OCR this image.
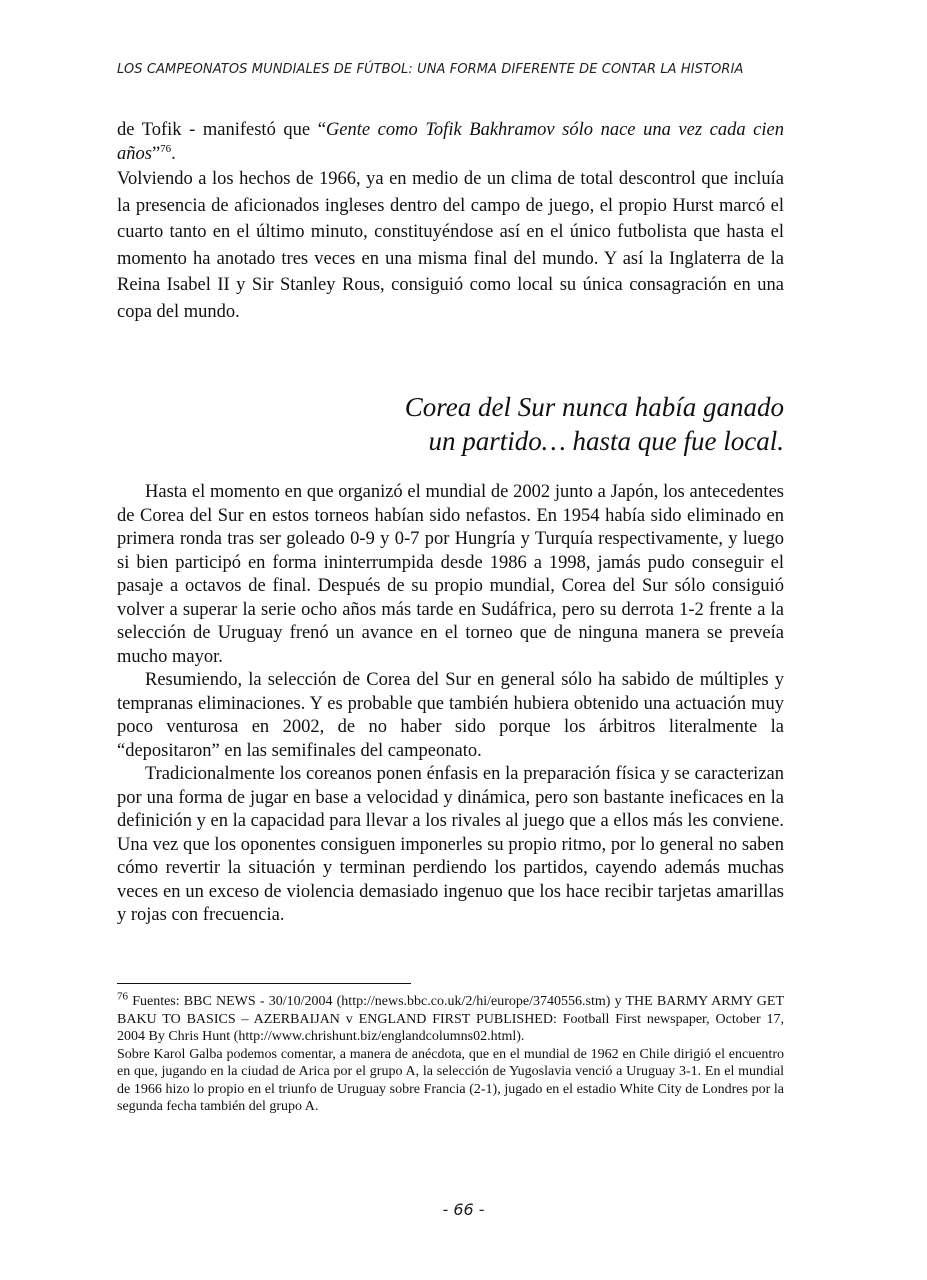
LOS CAMPEONATOS MUNDIALES DE FÚTBOL: UNA FORMA DIFERENTE DE CONTAR LA HISTORIA

de Tofik - manifestó que “Gente como Tofik Bakhramov sólo nace una vez cada cien años”$^{76}$.

Volviendo a los hechos de 1966, ya en medio de un clima de total descontrol que incluía la presencia de aficionados ingleses dentro del campo de juego, el propio Hurst marcó el cuarto tanto en el último minuto, constituyéndose así en el único futbolista que hasta el momento ha anotado tres veces en una misma final del mundo. Y así la Inglaterra de la Reina Isabel II y Sir Stanley Rous, consiguió como local su única consagración en una copa del mundo.

Corea del Sur nunca había ganado
un partido… hasta que fue local.

Hasta el momento en que organizó el mundial de 2002 junto a Japón, los antecedentes de Corea del Sur en estos torneos habían sido nefastos. En 1954 había sido eliminado en primera ronda tras ser goleado 0-9 y 0-7 por Hungría y Turquía respectivamente, y luego si bien participó en forma ininterrumpida desde 1986 a 1998, jamás pudo conseguir el pasaje a octavos de final. Después de su propio mundial, Corea del Sur sólo consiguió volver a superar la serie ocho años más tarde en Sudáfrica, pero su derrota 1-2 frente a la selección de Uruguay frenó un avance en el torneo que de ninguna manera se preveía mucho mayor.

Resumiendo, la selección de Corea del Sur en general sólo ha sabido de múltiples y tempranas eliminaciones. Y es probable que también hubiera obtenido una actuación muy poco venturosa en 2002, de no haber sido porque los árbitros literalmente la “depositaron” en las semifinales del campeonato.

Tradicionalmente los coreanos ponen énfasis en la preparación física y se caracterizan por una forma de jugar en base a velocidad y dinámica, pero son bastante ineficaces en la definición y en la capacidad para llevar a los rivales al juego que a ellos más les conviene. Una vez que los oponentes consiguen imponerles su propio ritmo, por lo general no saben cómo revertir la situación y terminan perdiendo los partidos, cayendo además muchas veces en un exceso de violencia demasiado ingenuo que los hace recibir tarjetas amarillas y rojas con frecuencia.

$^{76}$ Fuentes: BBC NEWS - 30/10/2004 (http://news.bbc.co.uk/2/hi/europe/3740556.stm) y THE BARMY ARMY GET BAKU TO BASICS – AZERBAIJAN v ENGLAND FIRST PUBLISHED: Football First newspaper, October 17, 2004 By Chris Hunt (http://www.chrishunt.biz/englandcolumns02.html).

Sobre Karol Galba podemos comentar, a manera de anécdota, que en el mundial de 1962 en Chile dirigió el encuentro en que, jugando en la ciudad de Arica por el grupo A, la selección de Yugoslavia venció a Uruguay 3-1. En el mundial de 1966 hizo lo propio en el triunfo de Uruguay sobre Francia (2-1), jugado en el estadio White City de Londres por la segunda fecha también del grupo A.

- 66 -
